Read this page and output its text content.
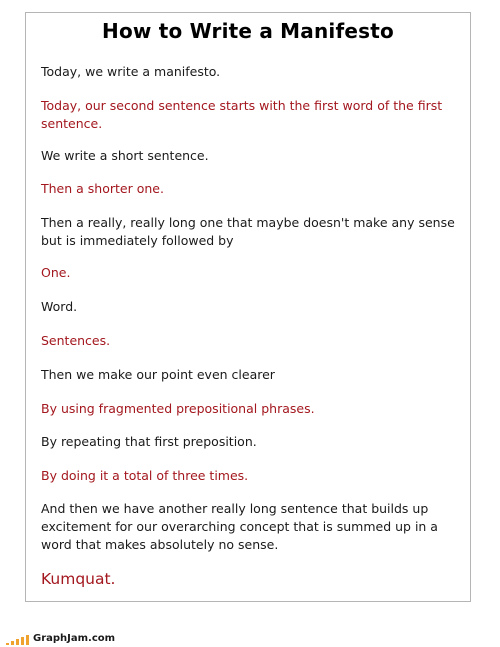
How to Write a Manifesto
Today, we write a manifesto.
Today, our second sentence starts with the first word of the first sentence.
We write a short sentence.
Then a shorter one.
Then a really, really long one that maybe doesn't make any sense but is immediately followed by
One.
Word.
Sentences.
Then we make our point even clearer
By using fragmented prepositional phrases.
By repeating that first preposition.
By doing it a total of three times.
And then we have another really long sentence that builds up excitement for our overarching concept that is summed up in a word that makes absolutely no sense.
Kumquat.
GraphJam.com
